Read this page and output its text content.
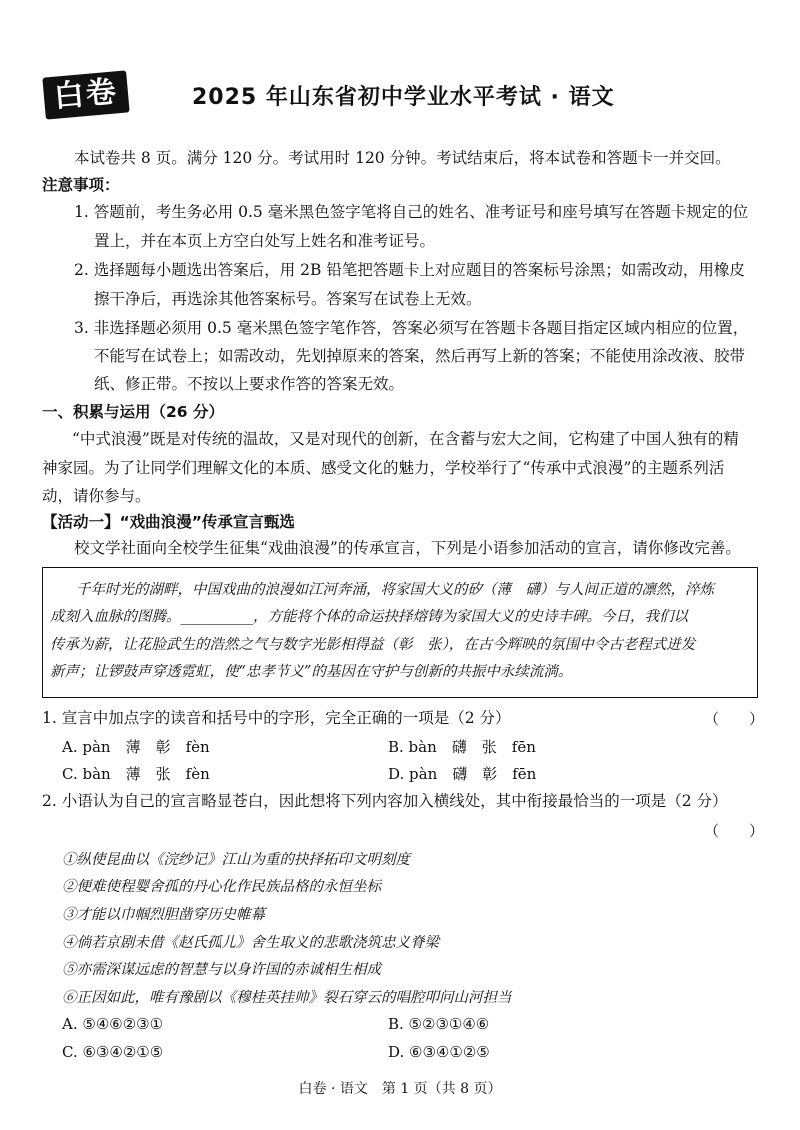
白卷	2025 年山东省初中学业水平考试 · 语文
本试卷共 8 页。满分 120 分。考试用时 120 分钟。考试结束后，将本试卷和答题卡一并交回。
注意事项：
1. 答题前，考生务必用 0.5 毫米黑色签字笔将自己的姓名、准考证号和座号填写在答题卡规定的位
置上，并在本页上方空白处写上姓名和准考证号。
2. 选择题每小题选出答案后，用 2B 铅笔把答题卡上对应题目的答案标号涂黑；如需改动，用橡皮
擦干净后，再选涂其他答案标号。答案写在试卷上无效。
3. 非选择题必须用 0.5 毫米黑色签字笔作答，答案必须写在答题卡各题目指定区域内相应的位置，
不能写在试卷上；如需改动，先划掉原来的答案，然后再写上新的答案；不能使用涂改液、胶带
纸、修正带。不按以上要求作答的答案无效。
一、积累与运用（26 分）
“中式浪漫”既是对传统的温故，又是对现代的创新，在含蓄与宏大之间，它构建了中国人独有的精
神家园。为了让同学们理解文化的本质、感受文化的魅力，学校举行了“传承中式浪漫”的主题系列活
动，请你参与。
【活动一】“戏曲浪漫”传承宣言甄选
校文学社面向全校学生征集“戏曲浪漫”的传承宣言，下列是小语参加活动的宣言，请你修改完善。
千年时光的湖畔，中国戏曲的浪漫如江河奔涌，将家国大义的矽（薄　礴）与人间正道的凛然，淬炼
成刻入血脉的图腾。__________，方能将个体的命运抉择熔铸为家国大义的史诗丰碑。今日，我们以
传承为薪，让花脸武生的浩然之气与数字光影相得益（彰　张），在古今辉映的氛围中令古老程式迸发
新声；让锣鼓声穿透霓虹，使“忠孝节义”的基因在守护与创新的共振中永续流淌。
1. 宣言中加点字的读音和括号中的字形，完全正确的一项是（2 分）	（　　）
A. pàn　薄　彰　fèn	B. bàn　礴　张　fēn
C. bàn　薄　张　fèn	D. pàn　礴　彰　fēn
2. 小语认为自己的宣言略显苍白，因此想将下列内容加入横线处，其中衔接最恰当的一项是（2 分）
（　　）
①纵使昆曲以《浣纱记》江山为重的抉择拓印文明刻度
②便难使程婴舍孤的丹心化作民族品格的永恒坐标
③才能以巾帼烈胆凿穿历史帷幕
④倘若京剧未借《赵氏孤儿》舍生取义的悲歌浇筑忠义脊梁
⑤亦需深谋远虑的智慧与以身许国的赤诚相生相成
⑥正因如此，唯有豫剧以《穆桂英挂帅》裂石穿云的唱腔叩问山河担当
A. ⑤④⑥②③①	B. ⑤②③①④⑥
C. ⑥③④②①⑤	D. ⑥③④①②⑤
白卷 · 语文　第 1 页（共 8 页）
